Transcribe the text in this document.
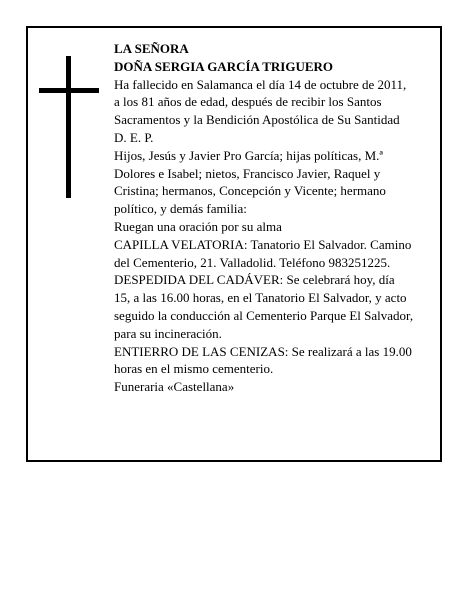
LA SEÑORA

DOÑA SERGIA GARCÍA TRIGUERO

Ha fallecido en Salamanca el día 14 de octubre de 2011, a los 81 años de edad, después de recibir los Santos Sacramentos y la Bendición Apostólica de Su Santidad

D. E. P.

Hijos, Jesús y Javier Pro García; hijas políticas, M.ª Dolores e Isabel; nietos, Francisco Javier, Raquel y Cristina; hermanos, Concepción y Vicente; hermano político, y demás familia:

Ruegan una oración por su alma

CAPILLA VELATORIA: Tanatorio El Salvador. Camino del Cementerio, 21. Valladolid. Teléfono 983251225.

DESPEDIDA DEL CADÁVER: Se celebrará hoy, día 15, a las 16.00 horas, en el Tanatorio El Salvador, y acto seguido la conducción al Cementerio Parque El Salvador, para su incineración.

ENTIERRO DE LAS CENIZAS: Se realizará a las 19.00 horas en el mismo cementerio.

Funeraria «Castellana»
